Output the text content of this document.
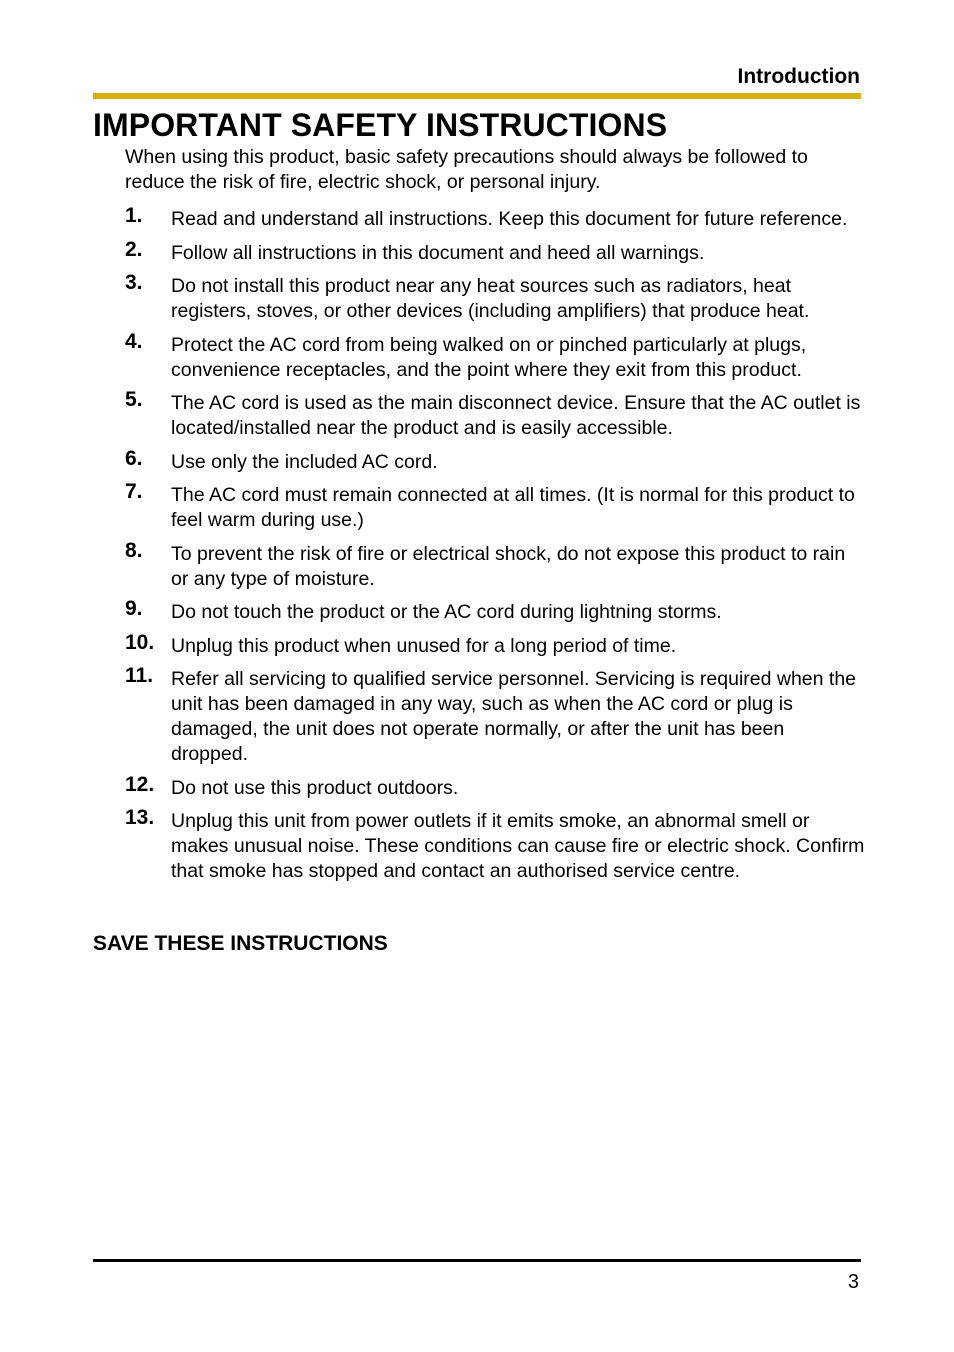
Introduction
IMPORTANT SAFETY INSTRUCTIONS

When using this product, basic safety precautions should always be followed to reduce the risk of fire, electric shock, or personal injury.

1.	Read and understand all instructions. Keep this document for future reference.
2.	Follow all instructions in this document and heed all warnings.
3.	Do not install this product near any heat sources such as radiators, heat registers, stoves, or other devices (including amplifiers) that produce heat.
4.	Protect the AC cord from being walked on or pinched particularly at plugs, convenience receptacles, and the point where they exit from this product.
5.	The AC cord is used as the main disconnect device. Ensure that the AC outlet is located/installed near the product and is easily accessible.
6.	Use only the included AC cord.
7.	The AC cord must remain connected at all times. (It is normal for this product to feel warm during use.)
8.	To prevent the risk of fire or electrical shock, do not expose this product to rain or any type of moisture.
9.	Do not touch the product or the AC cord during lightning storms.
10. Unplug this product when unused for a long period of time.
11. Refer all servicing to qualified service personnel. Servicing is required when the unit has been damaged in any way, such as when the AC cord or plug is damaged, the unit does not operate normally, or after the unit has been dropped.
12. Do not use this product outdoors.
13. Unplug this unit from power outlets if it emits smoke, an abnormal smell or makes unusual noise. These conditions can cause fire or electric shock. Confirm that smoke has stopped and contact an authorised service centre.
SAVE THESE INSTRUCTIONS
3
